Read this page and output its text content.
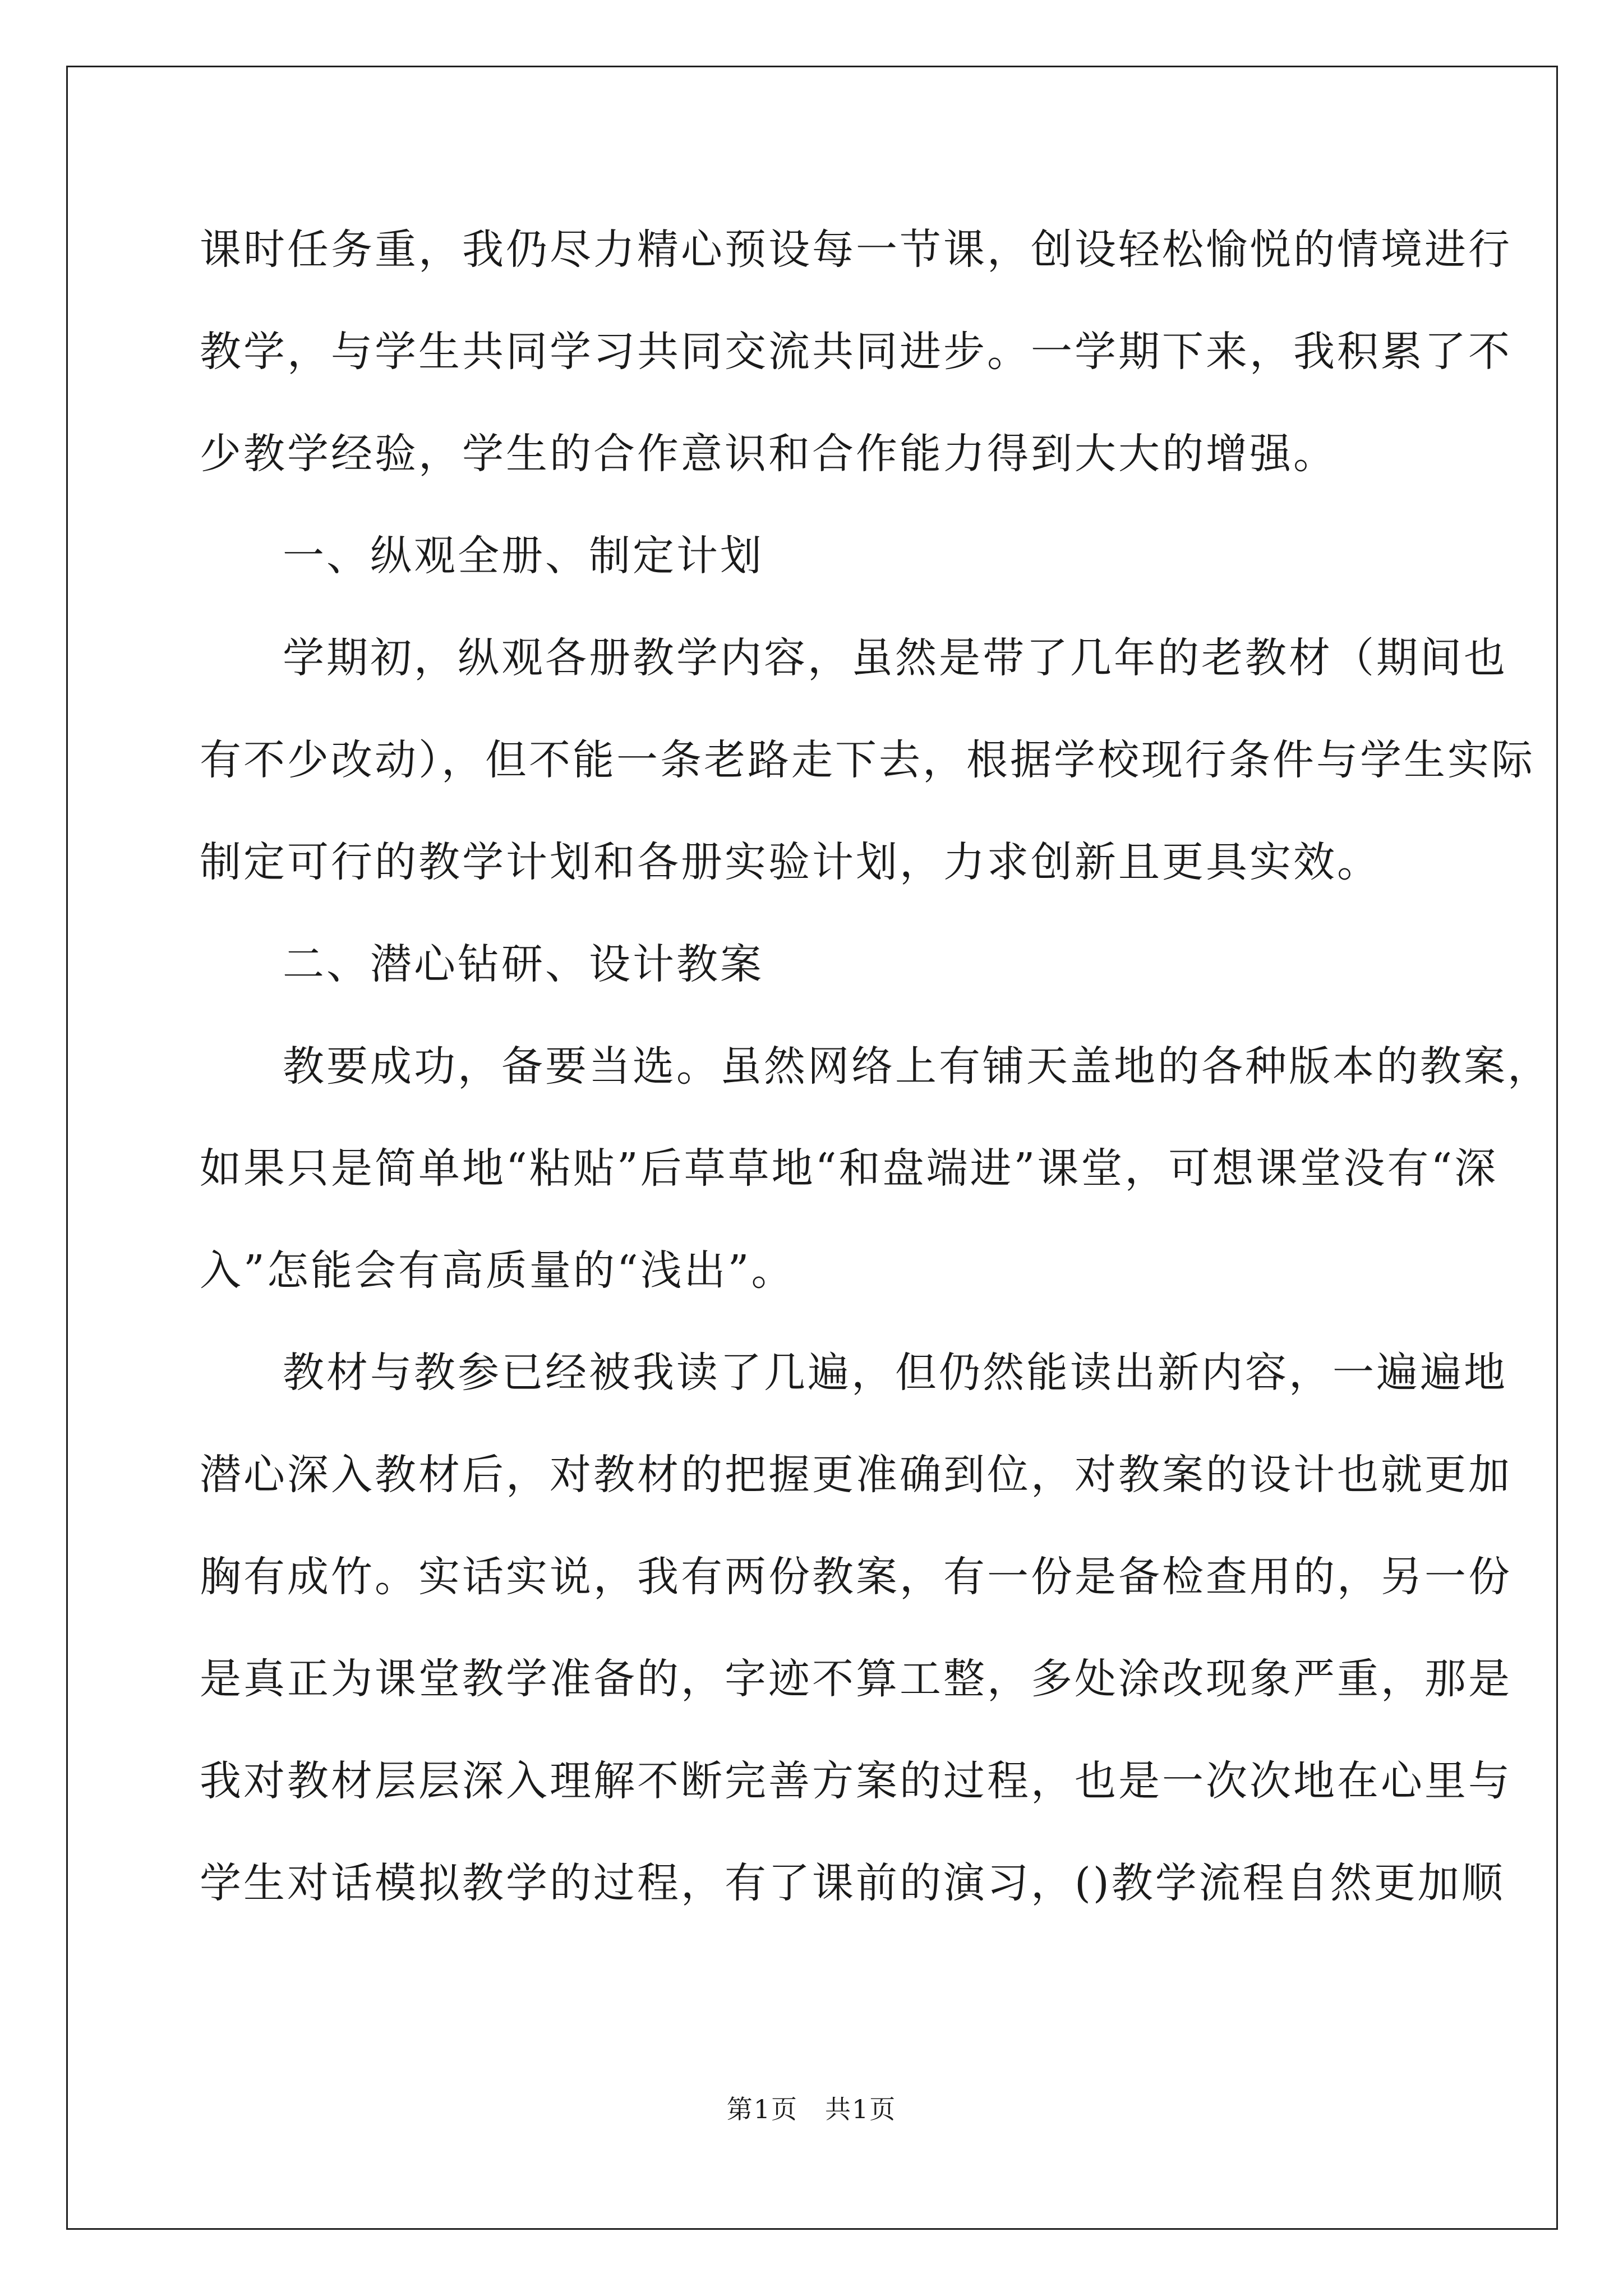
课时任务重，我仍尽力精心预设每一节课，创设轻松愉悦的情境进行
教学，与学生共同学习共同交流共同进步。一学期下来，我积累了不
少教学经验，学生的合作意识和合作能力得到大大的增强。
一、纵观全册、制定计划
学期初，纵观各册教学内容，虽然是带了几年的老教材（期间也
有不少改动），但不能一条老路走下去，根据学校现行条件与学生实际
制定可行的教学计划和各册实验计划，力求创新且更具实效。
二、潜心钻研、设计教案
教要成功，备要当选。虽然网络上有铺天盖地的各种版本的教案，
如果只是简单地“粘贴”后草草地“和盘端进”课堂，可想课堂没有“深
入”怎能会有高质量的“浅出”。
教材与教参已经被我读了几遍，但仍然能读出新内容，一遍遍地
潜心深入教材后，对教材的把握更准确到位，对教案的设计也就更加
胸有成竹。实话实说，我有两份教案，有一份是备检查用的，另一份
是真正为课堂教学准备的，字迹不算工整，多处涂改现象严重，那是
我对教材层层深入理解不断完善方案的过程，也是一次次地在心里与
学生对话模拟教学的过程，有了课前的演习，()教学流程自然更加顺
第1页　共1页
